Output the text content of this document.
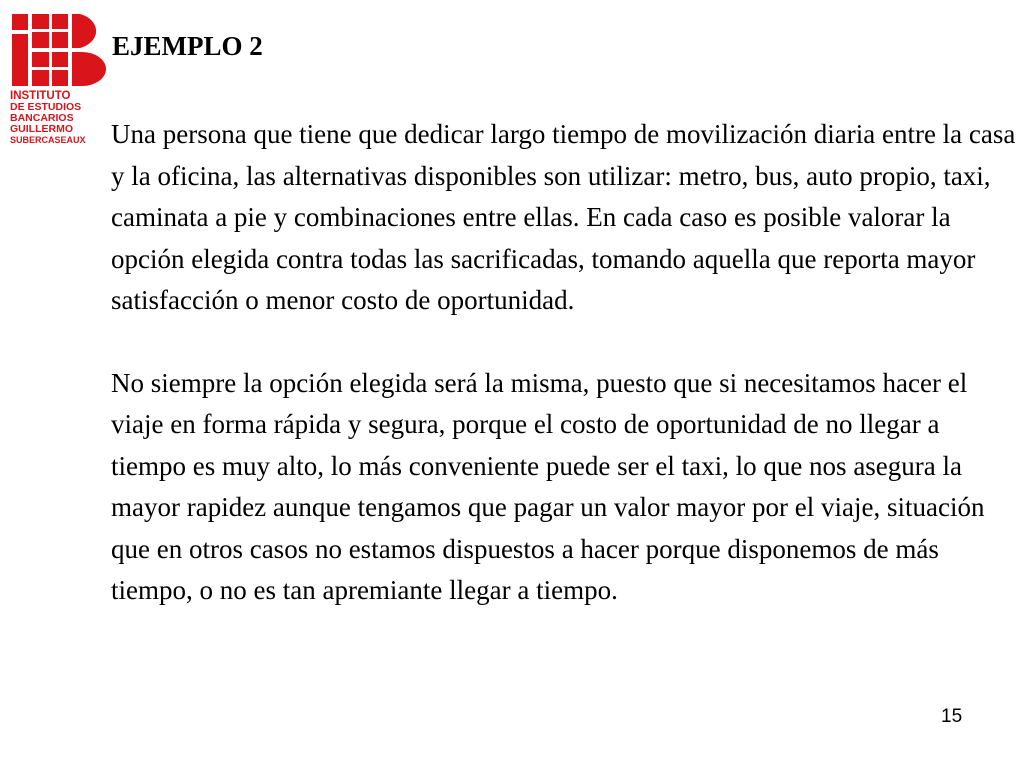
INSTITUTO
DE ESTUDIOS
BANCARIOS
GUILLERMO
SUBERCASEAUX
EJEMPLO 2

Una persona que tiene que dedicar largo tiempo de movilización diaria entre la casa y la oficina, las alternativas disponibles son utilizar: metro, bus, auto propio, taxi, caminata a pie y combinaciones entre ellas. En cada caso es posible valorar la opción elegida contra todas las sacrificadas, tomando aquella que reporta mayor satisfacción o menor costo de oportunidad.

No siempre la opción elegida será la misma, puesto que si necesitamos hacer el viaje en forma rápida y segura, porque el costo de oportunidad de no llegar a tiempo es muy alto, lo más conveniente puede ser el taxi, lo que nos asegura la mayor rapidez aunque tengamos que pagar un valor mayor por el viaje, situación que en otros casos no estamos dispuestos a hacer porque disponemos de más tiempo, o no es tan apremiante llegar a tiempo.

15
